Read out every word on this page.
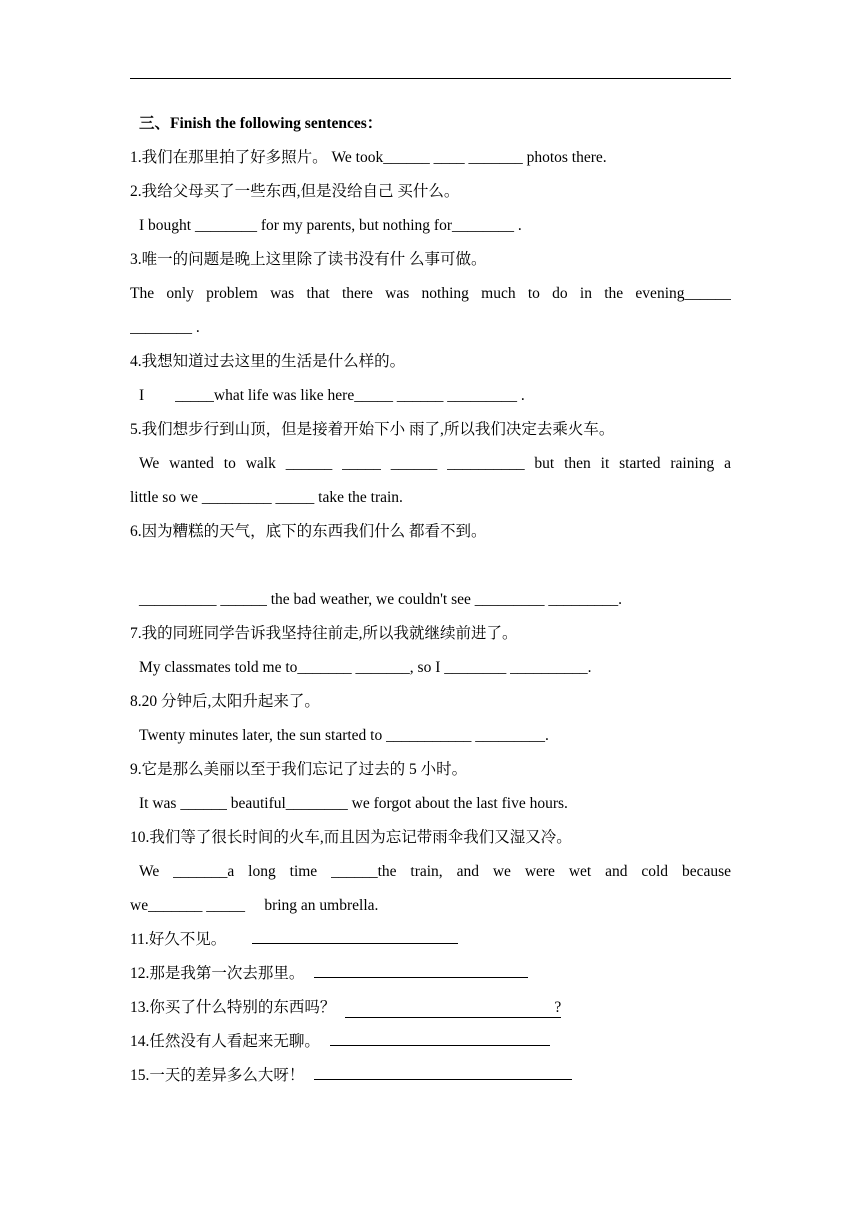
三、Finish the following sentences：
1.我们在那里拍了好多照片。 We took______ ____ _______ photos there.
2.我给父母买了一些东西,但是没给自己 买什么。
I bought ________ for my parents, but nothing for________ .
3.唯一的问题是晚上这里除了读书没有什 么事可做。
The only problem was that there was nothing much to do in the evening______
________ .
4.我想知道过去这里的生活是什么样的。
I        _____what life was like here_____ ______ _________ .
5.我们想步行到山顶，但是接着开始下小 雨了,所以我们决定去乘火车。
We wanted to walk ______ _____ ______ __________ but then it started raining a
little so we _________ _____ take the train.
6.因为糟糕的天气，底下的东西我们什么 都看不到。
__________ ______ the bad weather, we couldn't see _________ _________.
7.我的同班同学告诉我坚持往前走,所以我就继续前进了。
My classmates told me to_______ _______, so I ________ __________.
8.20 分钟后,太阳升起来了。
Twenty minutes later, the sun started to ___________ _________.
9.它是那么美丽以至于我们忘记了过去的 5 小时。
It was ______ beautiful________ we forgot about the last five hours.
10.我们等了很长时间的火车,而且因为忘记带雨伞我们又湿又冷。
We _______a long time ______the train, and we were wet and cold because
we_______ _____     bring an umbrella.
11.好久不见。
12.那是我第一次去那里。
13.你买了什么特别的东西吗？	?
14.任然没有人看起来无聊。
15.一天的差异多么大呀！
